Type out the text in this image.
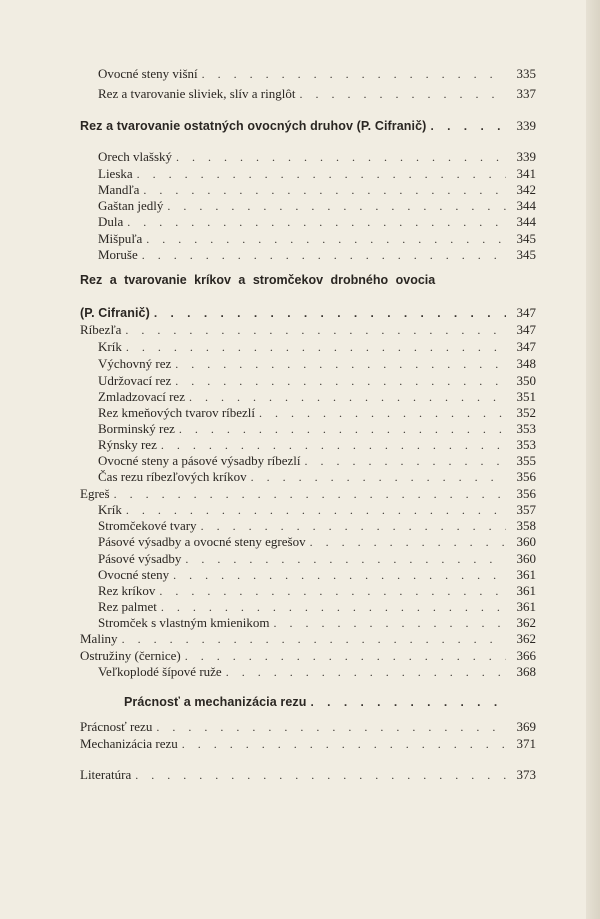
Ovocné steny višní . . .	335
Rez a tvarovanie sliviek, slív a ringlôt . . .	337
Rez a tvarovanie ostatných ovocných druhov (P. Cifranič) . . .	339
Orech vlašský . . .	339
Lieska . . .	341
Mandľa . . .	342
Gaštan jedlý . . .	344
Dula . . .	344
Mišpuľa . . .	345
Moruše . . .	345
Rez a tvarovanie kríkov a stromčekov drobného ovocia
(P. Cifranič) . . .	347
Ríbezľa . . .	347
Krík . . .	347
Výchovný rez . . .	348
Udržovací rez . . .	350
Zmladzovací rez . . .	351
Rez kmeňových tvarov ríbezlí . . .	352
Borminský rez . . .	353
Rýnsky rez . . .	353
Ovocné steny a pásové výsadby ríbezlí . . .	355
Čas rezu ríbezľových kríkov . . .	356
Egreš . . .	356
Krík . . .	357
Stromčekové tvary . . .	358
Pásové výsadby a ovocné steny egrešov . . .	360
Pásové výsadby . . .	360
Ovocné steny . . .	361
Rez kríkov . . .	361
Rez palmet . . .	361
Stromček s vlastným kmienikom . . .	362
Maliny . . .	362
Ostružiny (černice) . . .	366
Veľkoplodé šípové ruže . . .	368
Prácnosť a mechanizácia rezu
. . .
Prácnosť rezu . . .	369
Mechanizácia rezu . . .	371
Literatúra . . .	373
